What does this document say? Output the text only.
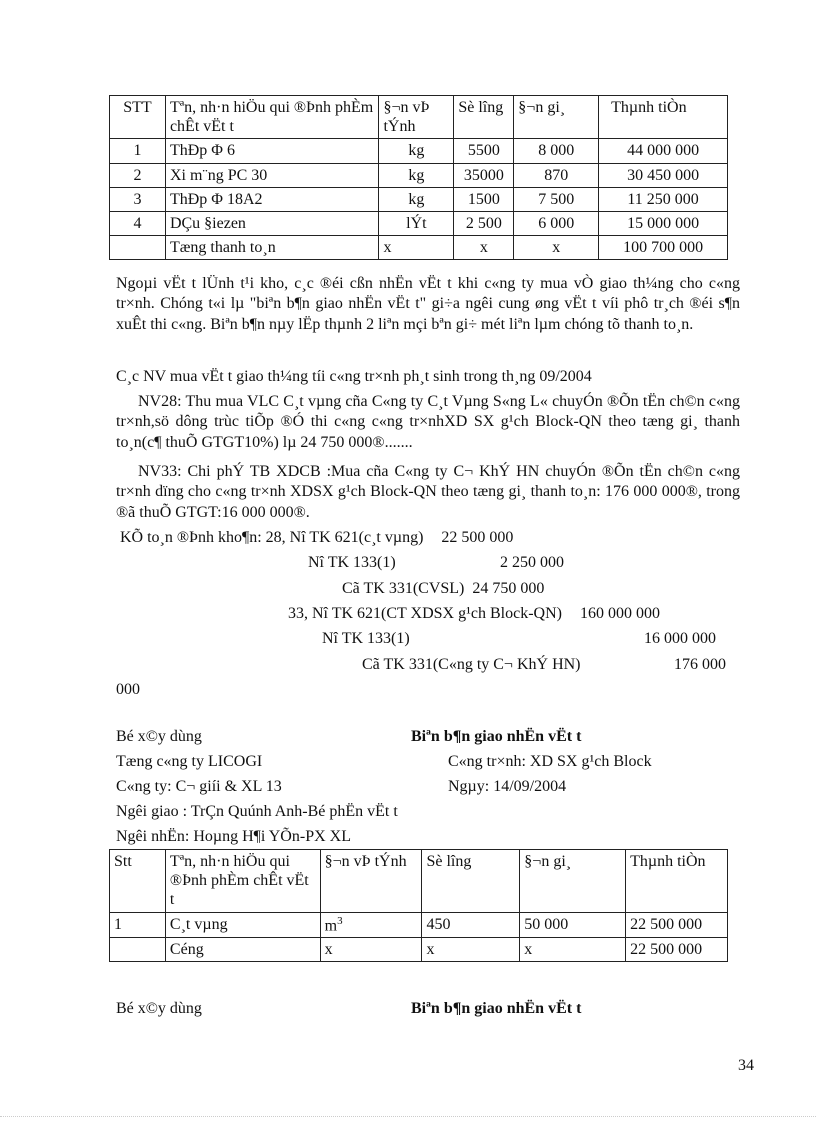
STT	Tªn, nh·n hiÖu qui ®Þnh phÈm chÊt vËt t	§¬n vÞ tÝnh	Sè lîng	§¬n gi¸	Thµnh tiÒn
1	ThÐp Φ 6	kg	5500	8 000	44 000 000
2	Xi m¨ng PC 30	kg	35000	870	30 450 000
3	ThÐp Φ 18A2	kg	1500	7 500	11 250 000
4	DÇu §iezen	lÝt	2 500	6 000	15 000 000
	Tæng thanh to¸n	x	x	x	100 700 000
Ngoµi vËt t lÜnh t¹i kho, c¸c ®éi cßn nhËn vËt t khi c«ng ty mua vÒ giao th¼ng cho c«ng tr×nh. Chóng t«i lµ "biªn b¶n giao nhËn vËt t" gi÷a ngêi cung øng vËt t víi phô tr¸ch ®éi s¶n xuÊt thi c«ng. Biªn b¶n nµy lËp thµnh 2 liªn mçi bªn gi÷ mét liªn lµm chóng tõ thanh to¸n.
C¸c NV mua vËt t giao th¼ng tíi c«ng tr×nh ph¸t sinh trong th¸ng 09/2004
NV28: Thu mua VLC C¸t vµng cña C«ng ty C¸t Vµng S«ng L« chuyÓn ®Õn tËn ch©n c«ng tr×nh,sö dông trùc tiÕp ®Ó thi c«ng c«ng tr×nhXD SX g¹ch Block-QN theo tæng gi¸ thanh to¸n(c¶ thuÕ GTGT10%) lµ 24 750 000®.......
NV33: Chi phÝ TB XDCB :Mua cña C«ng ty C¬ KhÝ HN chuyÓn ®Õn tËn ch©n c«ng tr×nh dïng cho c«ng tr×nh XDSX g¹ch Block-QN theo tæng gi¸ thanh to¸n: 176 000 000®, trong ®ã thuÕ GTGT:16 000 000®.
KÕ to¸n ®Þnh kho¶n: 28, Nî TK 621(c¸t vµng) 22 500 000
Nî TK 133(1)	2 250 000
Cã TK 331(CVSL) 24 750 000
33, Nî TK 621(CT XDSX g¹ch Block-QN) 160 000 000
Nî TK 133(1)	16 000 000
Cã TK 331(C«ng ty C¬ KhÝ HN)	176 000
000
Bé x©y dùng	Biªn b¶n giao nhËn vËt t
Tæng c«ng ty LICOGI	C«ng tr×nh: XD SX g¹ch Block
C«ng ty: C¬ giíi & XL 13	Ngµy: 14/09/2004
Ngêi giao : TrÇn Quúnh Anh-Bé phËn vËt t
Ngêi nhËn: Hoµng H¶i YÕn-PX XL
Stt	Tªn, nh·n hiÖu qui ®Þnh phÈm chÊt vËt t	§¬n vÞ tÝnh	Sè lîng	§¬n gi¸	Thµnh tiÒn
1	C¸t vµng	$m^3$	450	50 000	22 500 000
	Céng	x	x	x	22 500 000
Bé x©y dùng	Biªn b¶n giao nhËn vËt t
34
